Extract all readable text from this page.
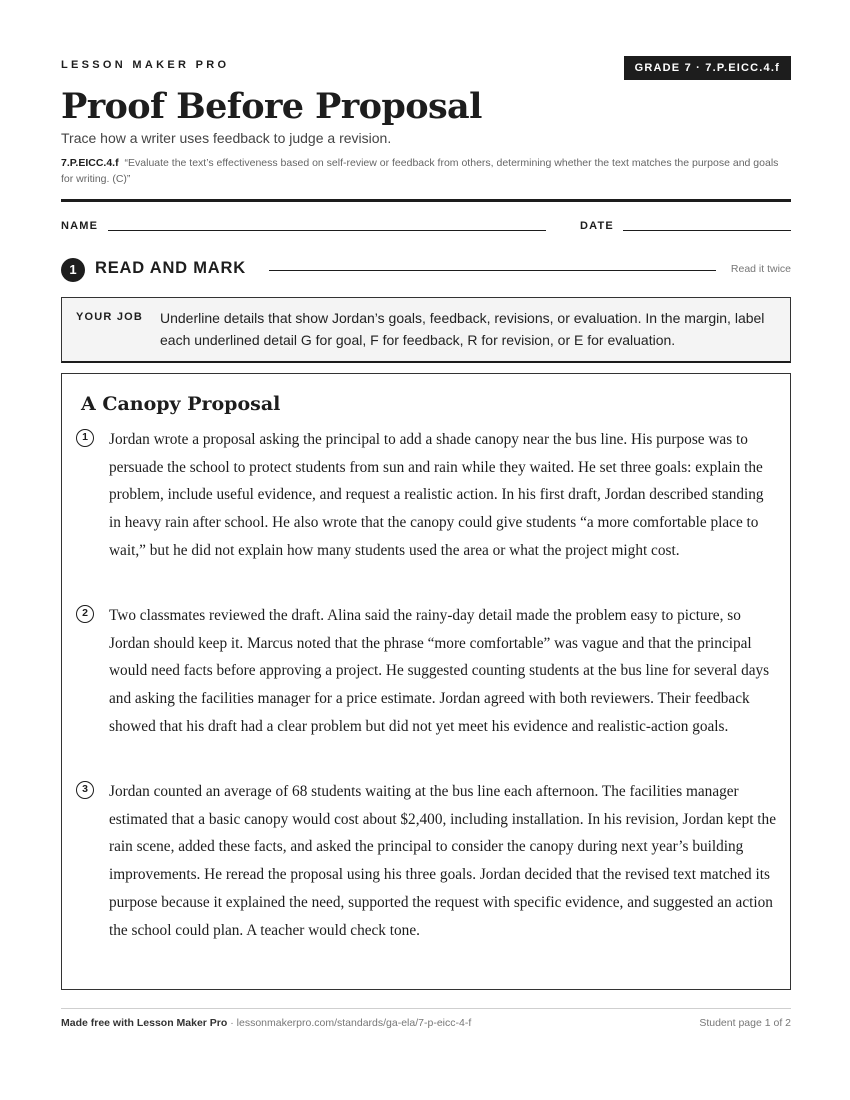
LESSON MAKER PRO	GRADE 7 · 7.P.EICC.4.f
Proof Before Proposal

Trace how a writer uses feedback to judge a revision.

7.P.EICC.4.f “Evaluate the text’s effectiveness based on self-review or feedback from others, determining whether the text matches the purpose and goals for writing. (C)”

NAME	DATE
1	READ AND MARK	Read it twice
YOUR JOB Underline details that show Jordan’s goals, feedback, revisions, or evaluation. In the margin, label each underlined detail G for goal, F for feedback, R for revision, or E for evaluation.

A Canopy Proposal
1	Jordan wrote a proposal asking the principal to add a shade canopy near the bus line. His purpose was to persuade the school to protect students from sun and rain while they waited. He set three goals: explain the problem, include useful evidence, and request a realistic action. In his first draft, Jordan described standing in heavy rain after school. He also wrote that the canopy could give students “a more comfortable place to wait,” but he did not explain how many students used the area or what the project might cost.

2	Two classmates reviewed the draft. Alina said the rainy-day detail made the problem easy to picture, so Jordan should keep it. Marcus noted that the phrase “more comfortable” was vague and that the principal would need facts before approving a project. He suggested counting students at the bus line for several days and asking the facilities manager for a price estimate. Jordan agreed with both reviewers. Their feedback showed that his draft had a clear problem but did not yet meet his evidence and realistic-action goals.

3	Jordan counted an average of 68 students waiting at the bus line each afternoon. The facilities manager estimated that a basic canopy would cost about $2,400, including installation. In his revision, Jordan kept the rain scene, added these facts, and asked the principal to consider the canopy during next year’s building improvements. He reread the proposal using his three goals. Jordan decided that the revised text matched its purpose because it explained the need, supported the request with specific evidence, and suggested an action the school could plan. A teacher would check tone.

Made free with Lesson Maker Pro · lessonmakerpro.com/standards/ga-ela/7-p-eicc-4-f	Student page 1 of 2
